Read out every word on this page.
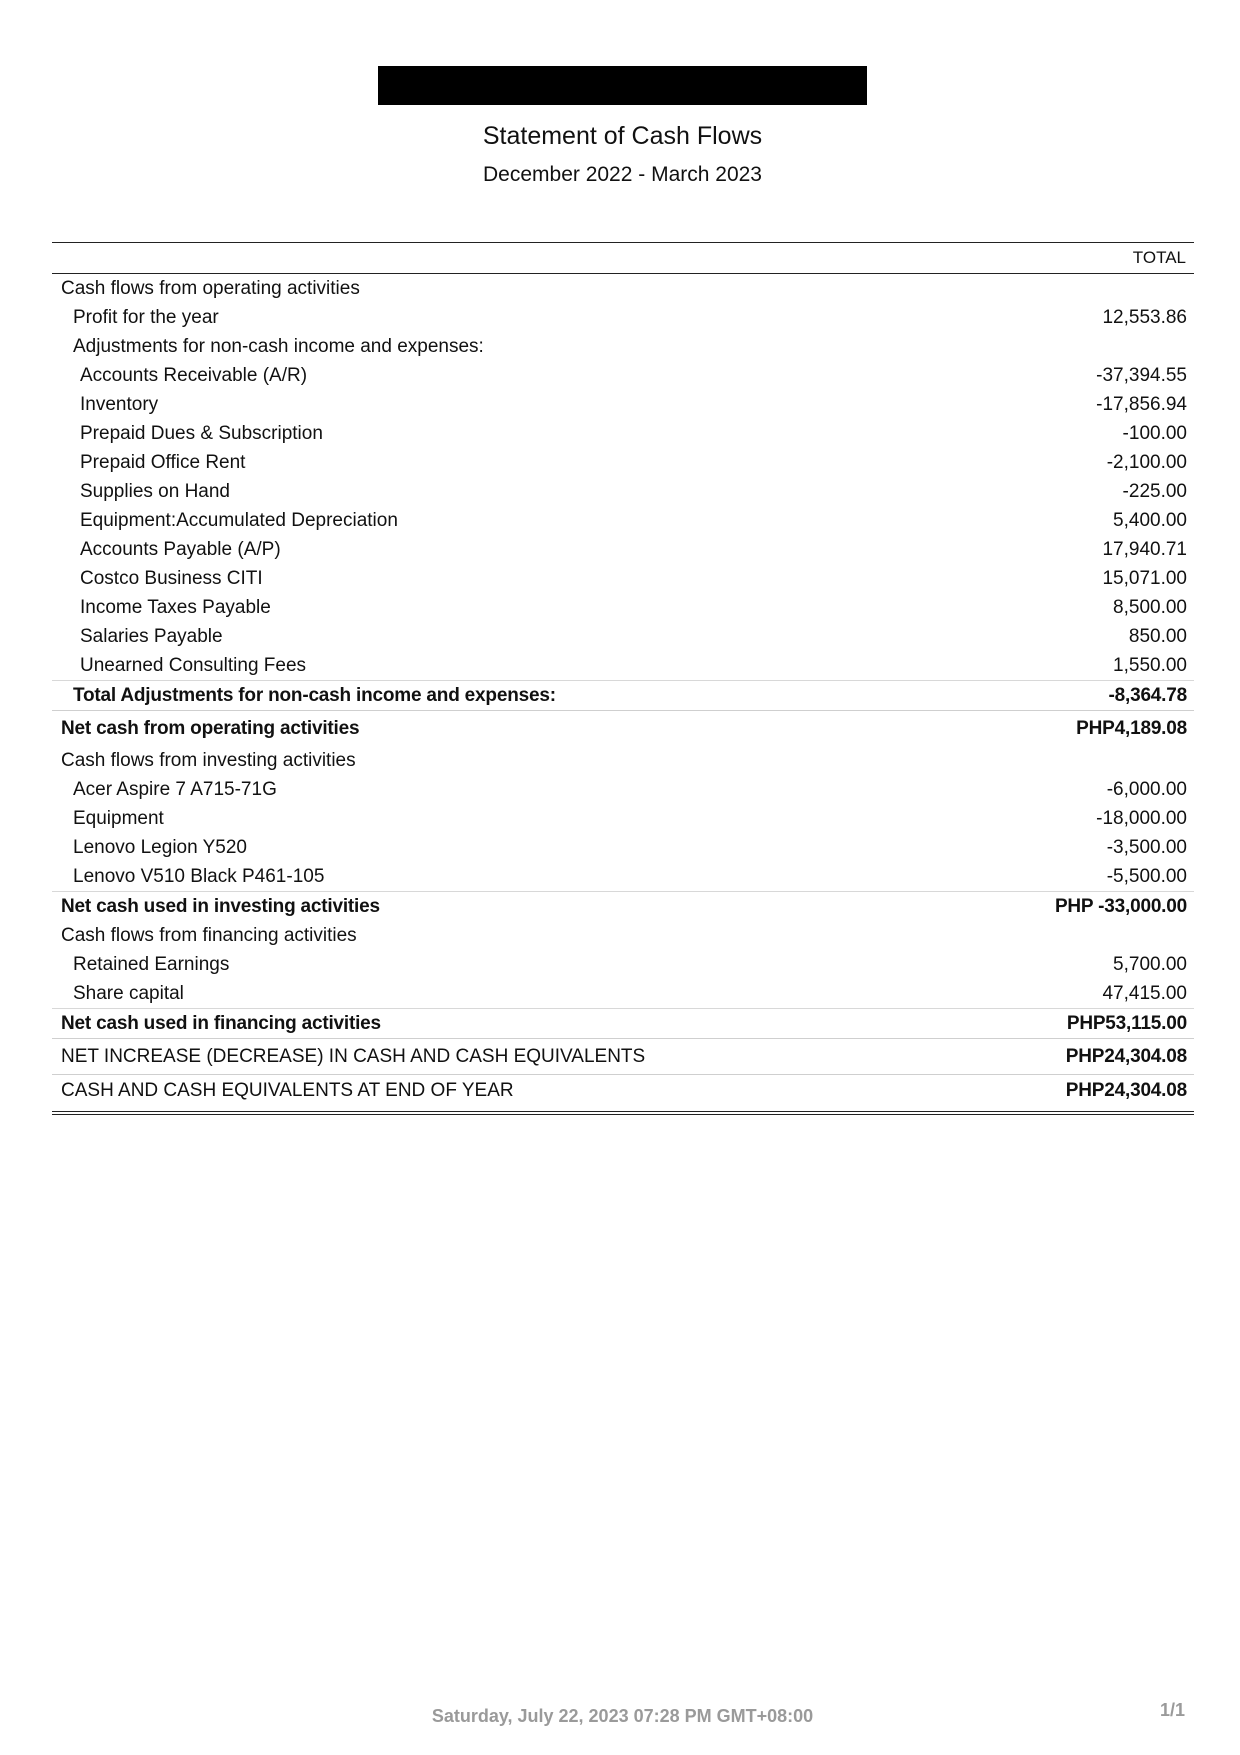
Statement of Cash Flows
December 2022 - March 2023
TOTAL
Cash flows from operating activities
Profit for the year	12,553.86
Adjustments for non-cash income and expenses:
Accounts Receivable (A/R)	-37,394.55
Inventory	-17,856.94
Prepaid Dues & Subscription	-100.00
Prepaid Office Rent	-2,100.00
Supplies on Hand	-225.00
Equipment:Accumulated Depreciation	5,400.00
Accounts Payable (A/P)	17,940.71
Costco Business CITI	15,071.00
Income Taxes Payable	8,500.00
Salaries Payable	850.00
Unearned Consulting Fees	1,550.00
Total Adjustments for non-cash income and expenses:	-8,364.78
Net cash from operating activities	PHP4,189.08
Cash flows from investing activities
Acer Aspire 7 A715-71G	-6,000.00
Equipment	-18,000.00
Lenovo Legion Y520	-3,500.00
Lenovo V510 Black P461-105	-5,500.00
Net cash used in investing activities	PHP -33,000.00
Cash flows from financing activities
Retained Earnings	5,700.00
Share capital	47,415.00
Net cash used in financing activities	PHP53,115.00
NET INCREASE (DECREASE) IN CASH AND CASH EQUIVALENTS	PHP24,304.08
CASH AND CASH EQUIVALENTS AT END OF YEAR	PHP24,304.08
Saturday, July 22, 2023 07:28 PM GMT+08:00	1/1
